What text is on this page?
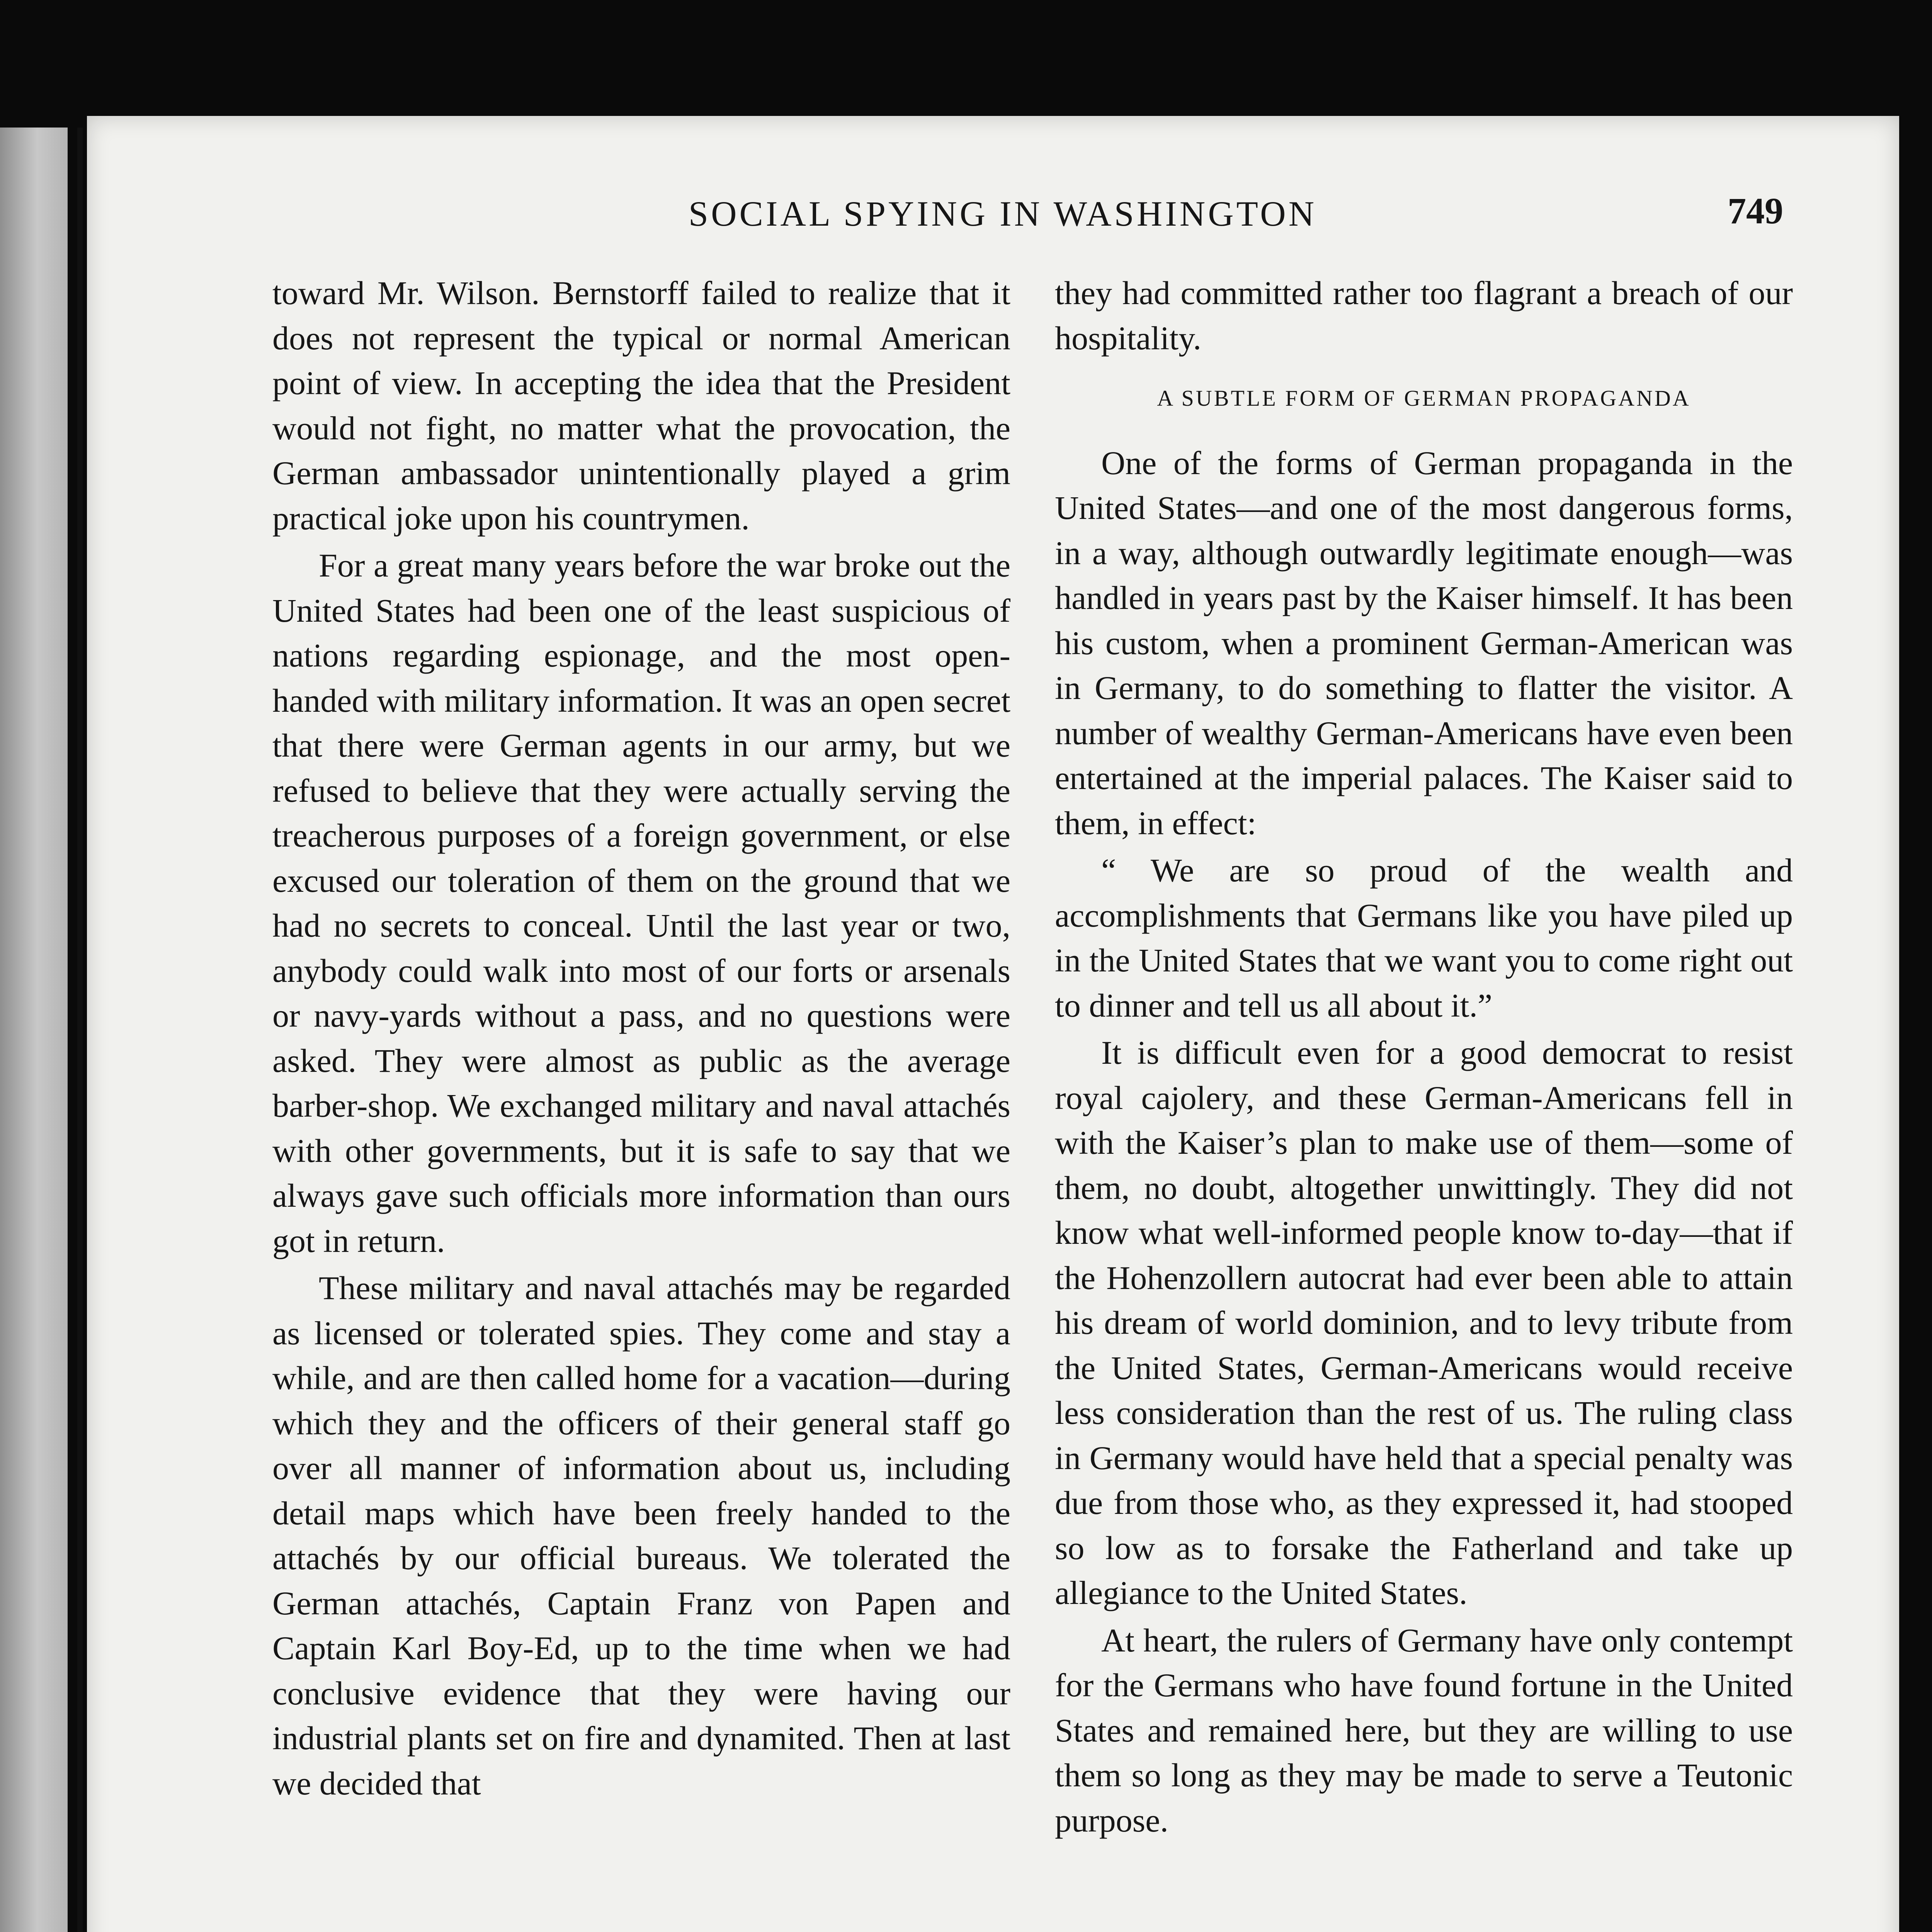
SOCIAL SPYING IN WASHINGTON	749

toward Mr. Wilson. Bernstorff failed to realize that it does not represent the typical or normal American point of view. In accepting the idea that the President would not fight, no matter what the provocation, the German ambassador unintentionally played a grim practical joke upon his countrymen.

For a great many years before the war broke out the United States had been one of the least suspicious of nations regarding espionage, and the most open-handed with military information. It was an open secret that there were German agents in our army, but we refused to believe that they were actually serving the treacherous purposes of a foreign government, or else excused our toleration of them on the ground that we had no secrets to conceal. Until the last year or two, anybody could walk into most of our forts or arsenals or navy-yards without a pass, and no questions were asked. They were almost as public as the average barber-shop. We exchanged military and naval attachés with other governments, but it is safe to say that we always gave such officials more information than ours got in return.

These military and naval attachés may be regarded as licensed or tolerated spies. They come and stay a while, and are then called home for a vacation—during which they and the officers of their general staff go over all manner of information about us, including detail maps which have been freely handed to the attachés by our official bureaus. We tolerated the German attachés, Captain Franz von Papen and Captain Karl Boy-Ed, up to the time when we had conclusive evidence that they were having our industrial plants set on fire and dynamited. Then at last we decided that

they had committed rather too flagrant a breach of our hospitality.

A SUBTLE FORM OF GERMAN PROPAGANDA

One of the forms of German propaganda in the United States—and one of the most dangerous forms, in a way, although outwardly legitimate enough—was handled in years past by the Kaiser himself. It has been his custom, when a prominent German-American was in Germany, to do something to flatter the visitor. A number of wealthy German-Americans have even been entertained at the imperial palaces. The Kaiser said to them, in effect:

“ We are so proud of the wealth and accomplishments that Germans like you have piled up in the United States that we want you to come right out to dinner and tell us all about it.”

It is difficult even for a good democrat to resist royal cajolery, and these German-Americans fell in with the Kaiser’s plan to make use of them—some of them, no doubt, altogether unwittingly. They did not know what well-informed people know to-day—that if the Hohenzollern autocrat had ever been able to attain his dream of world dominion, and to levy tribute from the United States, German-Americans would receive less consideration than the rest of us. The ruling class in Germany would have held that a special penalty was due from those who, as they expressed it, had stooped so low as to forsake the Fatherland and take up allegiance to the United States.

At heart, the rulers of Germany have only contempt for the Germans who have found fortune in the United States and remained here, but they are willing to use them so long as they may be made to serve a Teutonic purpose.
